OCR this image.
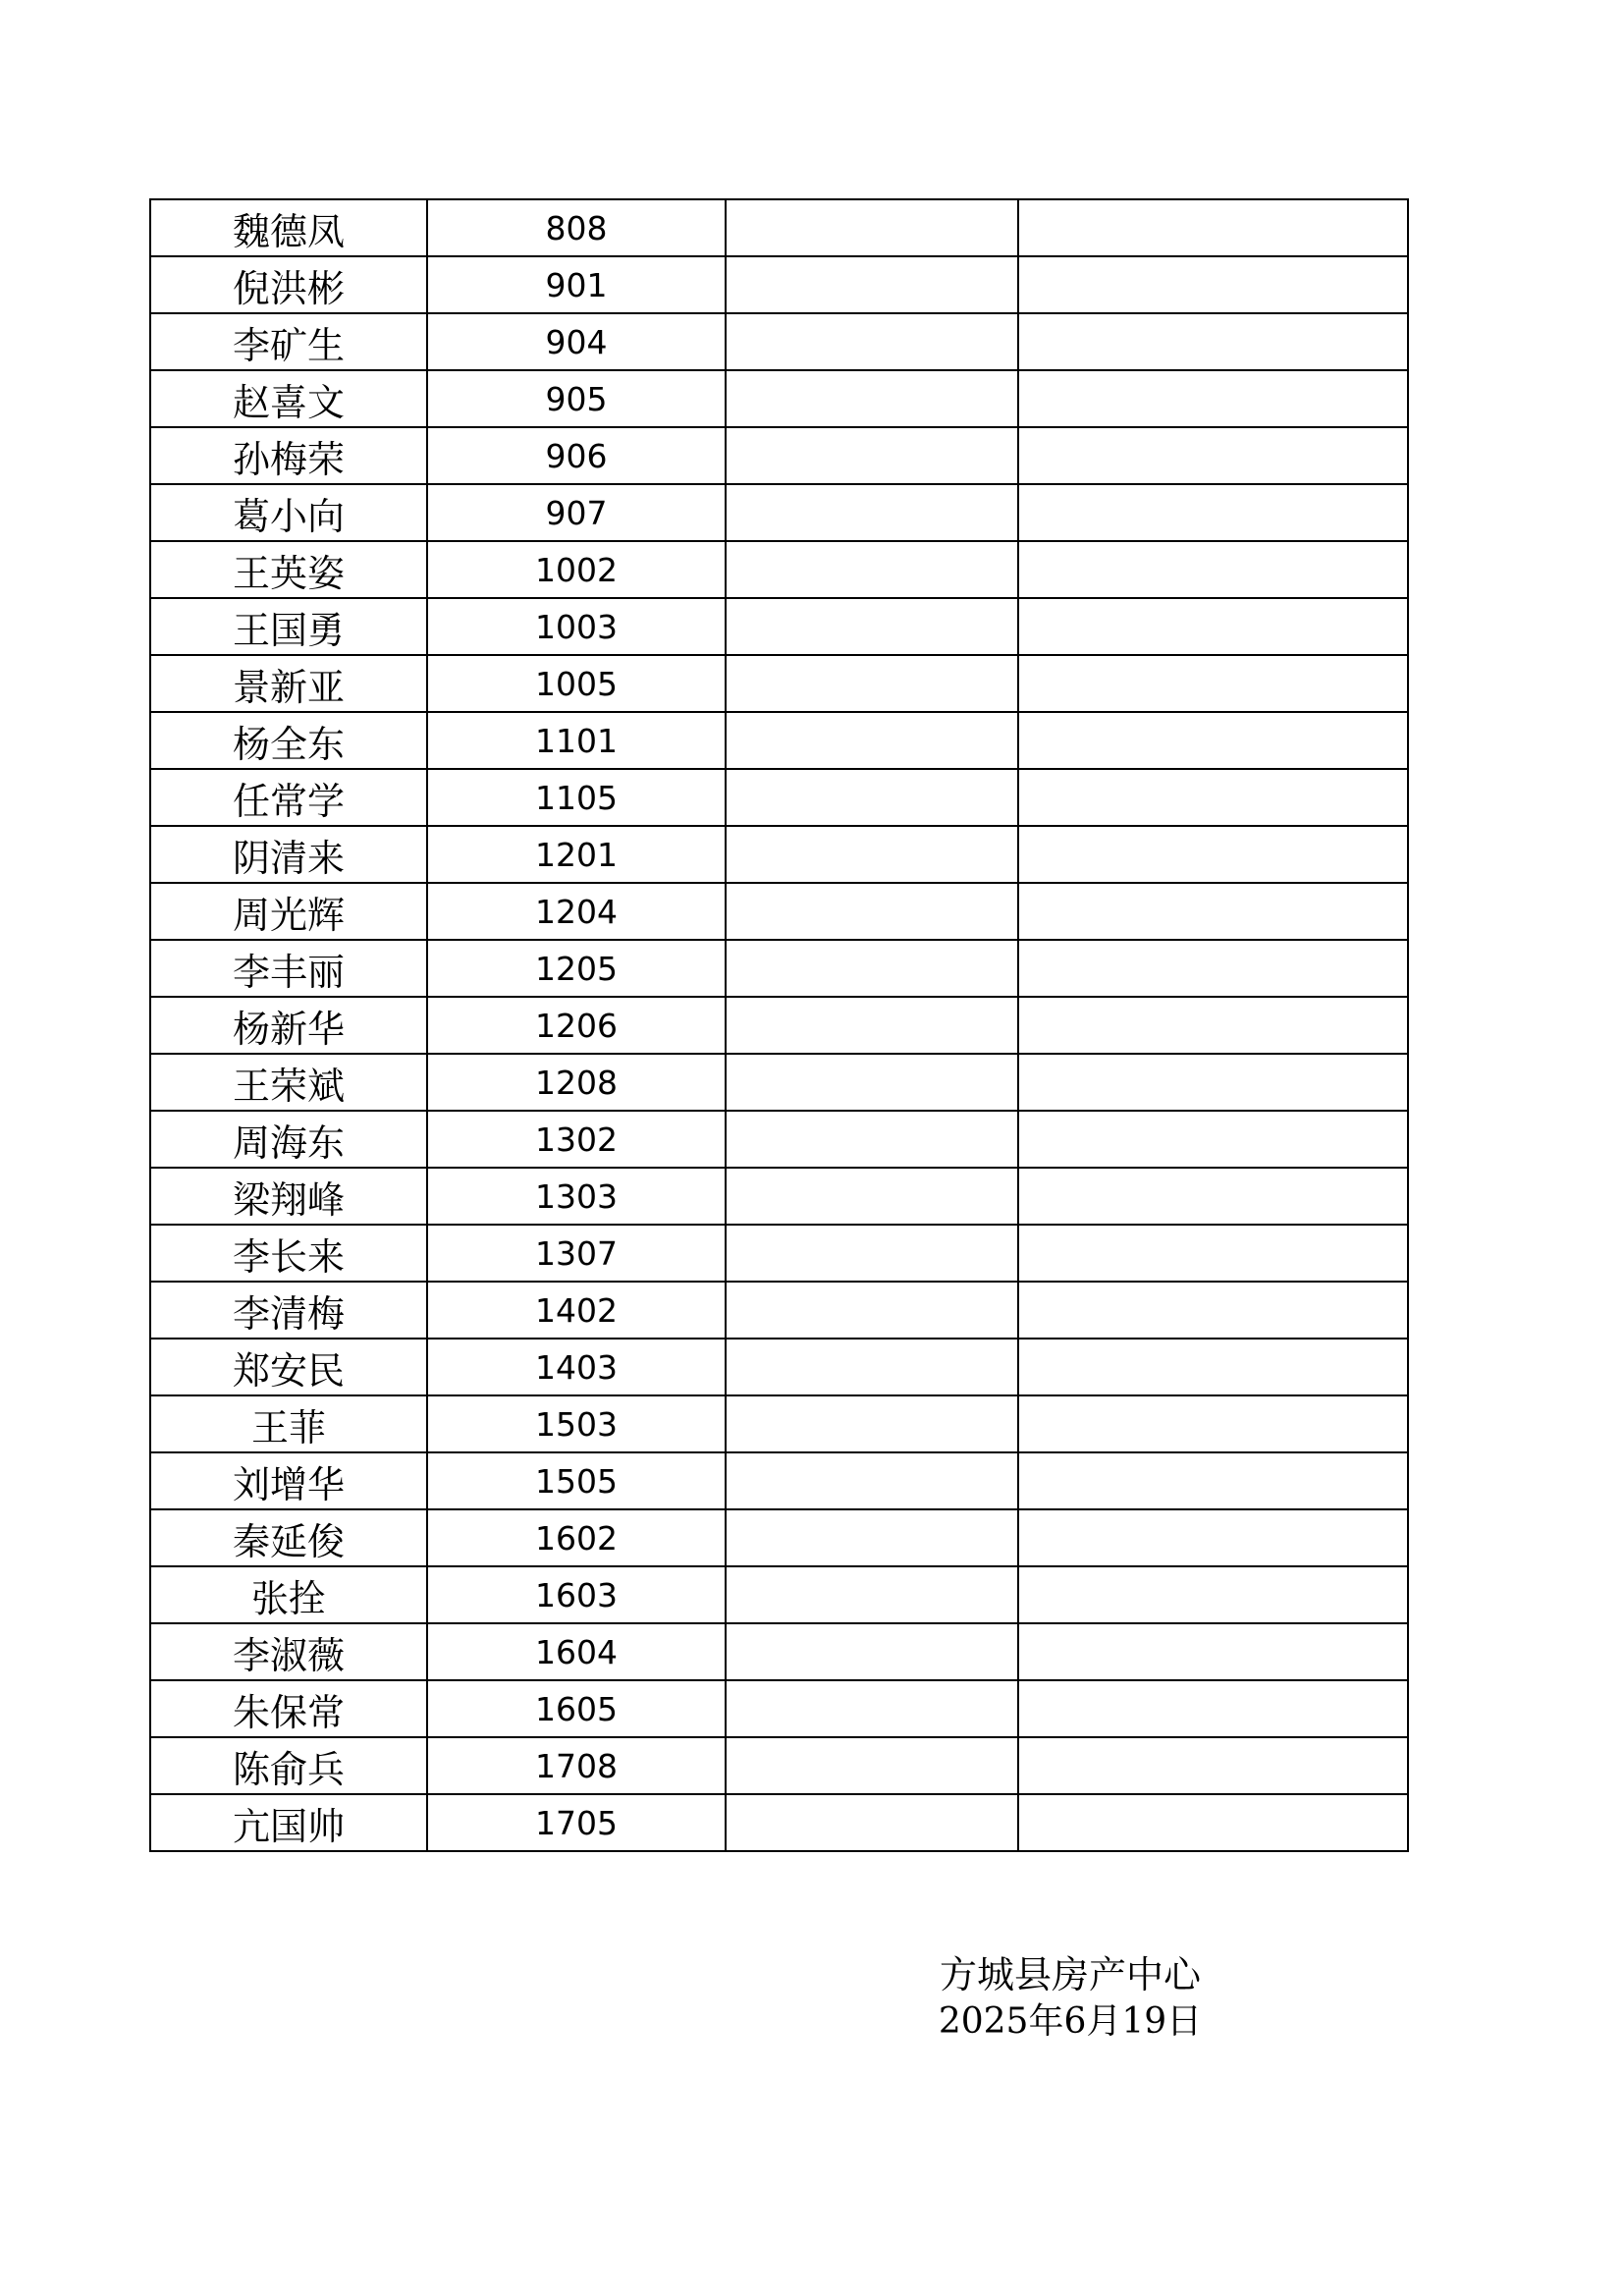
魏德凤	808		
倪洪彬	901		
李矿生	904		
赵喜文	905		
孙梅荣	906		
葛小向	907		
王英姿	1002		
王国勇	1003		
景新亚	1005		
杨全东	1101		
任常学	1105		
阴清来	1201		
周光辉	1204		
李丰丽	1205		
杨新华	1206		
王荣斌	1208		
周海东	1302		
梁翔峰	1303		
李长来	1307		
李清梅	1402		
郑安民	1403		
王菲	1503		
刘增华	1505		
秦延俊	1602		
张拴	1603		
李淑薇	1604		
朱保常	1605		
陈俞兵	1708		
亢国帅	1705		
方城县房产中心
2025年6月19日
